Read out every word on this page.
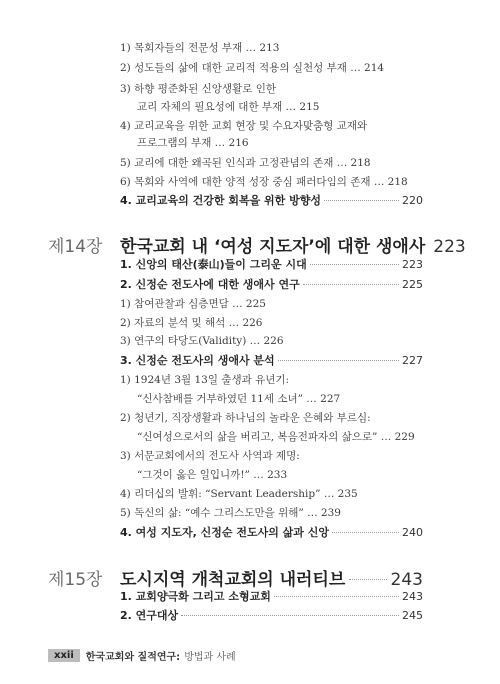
1) 목회자들의 전문성 부재 … 213
2) 성도들의 삶에 대한 교리적 적용의 실천성 부재 … 214
3) 하향 평준화된 신앙생활로 인한
교리 자체의 필요성에 대한 부재 … 215
4) 교리교육을 위한 교회 현장 및 수요자맞춤형 교재와
프로그램의 부재 … 216
5) 교리에 대한 왜곡된 인식과 고정관념의 존재 … 218
6) 목회와 사역에 대한 양적 성장 중심 패러다임의 존재 … 218
4. 교리교육의 건강한 회복을 위한 방향성	220
제14장	한국교회 내 ‘여성 지도자’에 대한 생애사 223
1. 신앙의 태산(泰山)들이 그리운 시대	223
2. 신정순 전도사에 대한 생애사 연구	225
1) 참여관찰과 심층면담 … 225
2) 자료의 분석 및 해석 … 226
3) 연구의 타당도(Validity) … 226
3. 신정순 전도사의 생애사 분석	227
1) 1924년 3월 13일 출생과 유년기:
“신사참배를 거부하였던 11세 소녀” … 227
2) 청년기, 직장생활과 하나님의 놀라운 은혜와 부르심:
“신여성으로서의 삶을 버리고, 복음전파자의 삶으로” … 229
3) 서문교회에서의 전도사 사역과 제명:
“그것이 옳은 일입니까!” … 233
4) 리더십의 발휘: “Servant Leadership” … 235
5) 독신의 삶: “예수 그리스도만을 위해” … 239
4. 여성 지도자, 신정순 전도사의 삶과 신앙	240
제15장	도시지역 개척교회의 내러티브	243
1. 교회양극화 그리고 소형교회	243
2. 연구대상	245
xxii	한국교회와 질적연구: 방법과 사례
